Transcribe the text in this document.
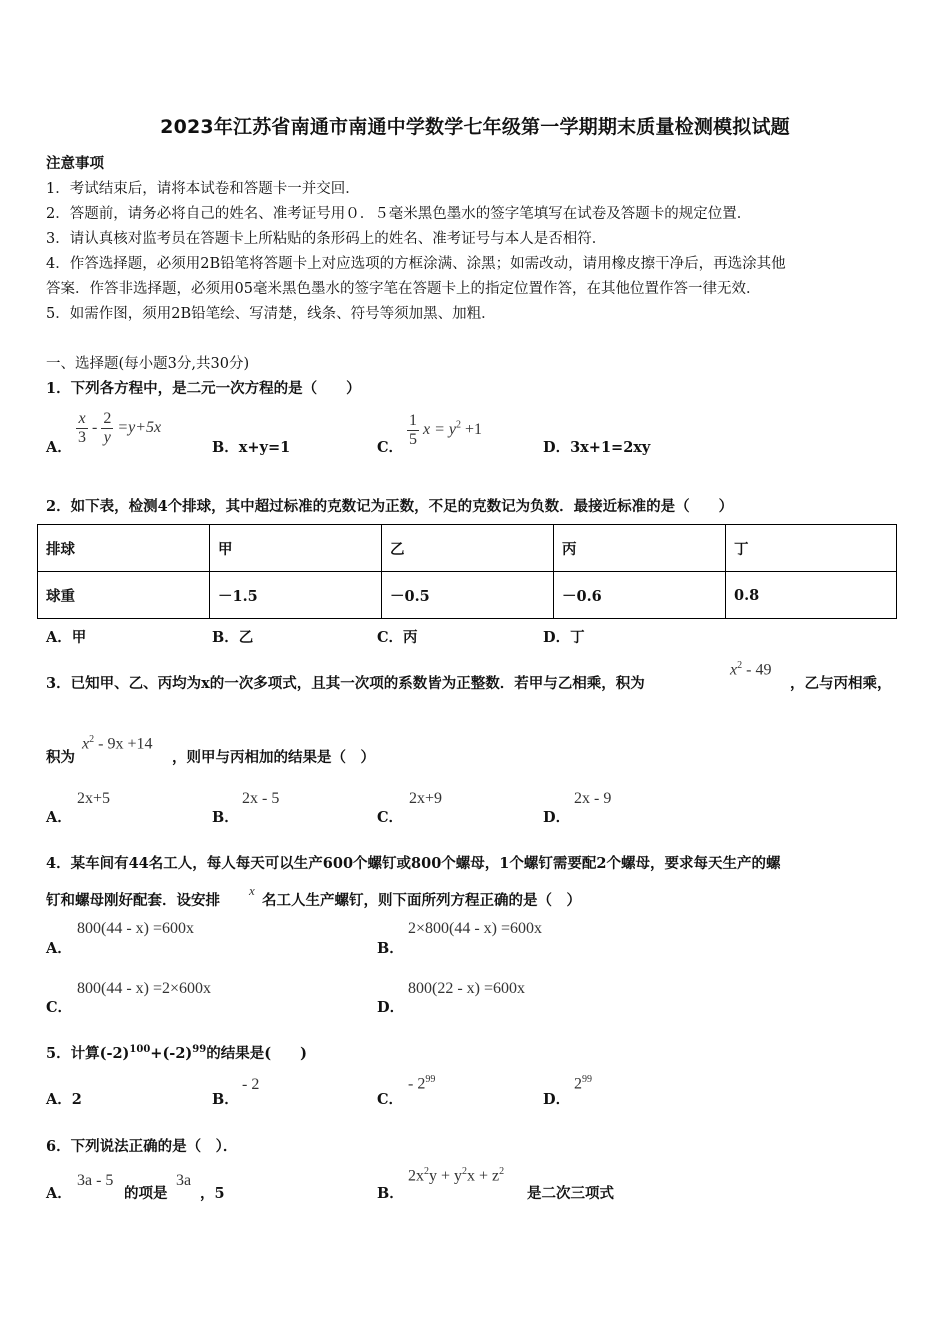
2023年江苏省南通市南通中学数学七年级第一学期期末质量检测模拟试题
注意事项
1．考试结束后，请将本试卷和答题卡一并交回．
2．答题前，请务必将自己的姓名、准考证号用０．５毫米黑色墨水的签字笔填写在试卷及答题卡的规定位置．
3．请认真核对监考员在答题卡上所粘贴的条形码上的姓名、准考证号与本人是否相符．
4．作答选择题，必须用2B铅笔将答题卡上对应选项的方框涂满、涂黑；如需改动，请用橡皮擦干净后，再选涂其他
答案．作答非选择题，必须用05毫米黑色墨水的签字笔在答题卡上的指定位置作答，在其他位置作答一律无效．
5．如需作图，须用2B铅笔绘、写清楚，线条、符号等须加黑、加粗．
一、选择题(每小题3分,共30分)
1．下列各方程中，是二元一次方程的是（　　）
A．
$\frac{x}{3} - \frac{2}{y} =y+5x$
B．x+y=1	C． $\frac{1}{5}$ $x = y^2 +1$
D．3x+1=2xy
2．如下表，检测4个排球，其中超过标准的克数记为正数，不足的克数记为负数．最接近标准的是（　　）
排球	甲	乙	丙	丁
球重	－1.5	－0.5	－0.6	0.8
A．甲	B．乙	C．丙	D．丁
3．已知甲、乙、丙均为x的一次多项式，且其一次项的系数皆为正整数．若甲与乙相乘，积为
$x^2 - 49$
，乙与丙相乘，
积为
$x^2 - 9x +14$
，则甲与丙相加的结果是（　）
A．
2x+5
B．
2x - 5
C．
2x+9
D．
2x - 9
4．某车间有44名工人，每人每天可以生产600个螺钉或800个螺母，1个螺钉需要配2个螺母，要求每天生产的螺
钉和螺母刚好配套．设安排
x
名工人生产螺钉，则下面所列方程正确的是（　）
A．
800(44 - x) =600x
B．
2×800(44 - x) =600x
C．
800(44 - x) =2×600x
D．
800(22 - x) =600x
5．计算$(-2)^{100}+(-2)^{99}$的结果是(　　)
A．2	B．
- 2
C．
- $2^{99}$
D．
$2^{99}$
6．下列说法正确的是（　）．
A．
3a - 5
的项是
3a
，5	B．
$2x^2y + y^2x + z^2$
是二次三项式
